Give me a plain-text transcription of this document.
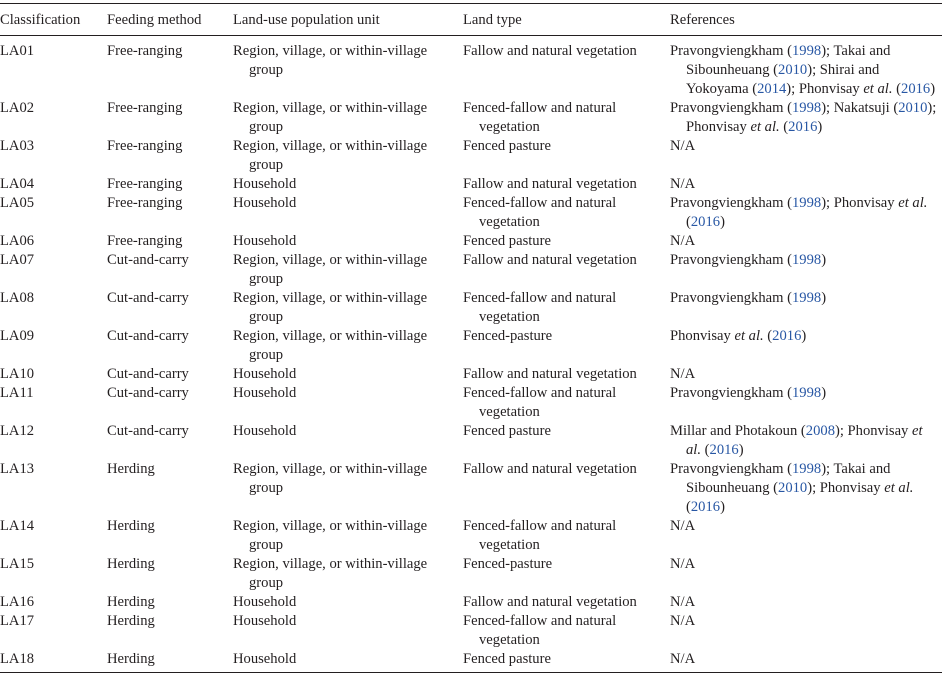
Classification	Feeding method	Land-use population unit	Land type	References
LA01	Free-ranging	Region, village, or within-village group	Fallow and natural vegetation	Pravongviengkham (1998); Takai and Sibounheuang (2010); Shirai and Yokoyama (2014); Phonvisay et al. (2016)
LA02	Free-ranging	Region, village, or within-village group	Fenced-fallow and natural vegetation	Pravongviengkham (1998); Nakatsuji (2010); Phonvisay et al. (2016)
LA03	Free-ranging	Region, village, or within-village group	Fenced pasture	N/A
LA04	Free-ranging	Household	Fallow and natural vegetation	N/A
LA05	Free-ranging	Household	Fenced-fallow and natural vegetation	Pravongviengkham (1998); Phonvisay et al. (2016)
LA06	Free-ranging	Household	Fenced pasture	N/A
LA07	Cut-and-carry	Region, village, or within-village group	Fallow and natural vegetation	Pravongviengkham (1998)
LA08	Cut-and-carry	Region, village, or within-village group	Fenced-fallow and natural vegetation	Pravongviengkham (1998)
LA09	Cut-and-carry	Region, village, or within-village group	Fenced-pasture	Phonvisay et al. (2016)
LA10	Cut-and-carry	Household	Fallow and natural vegetation	N/A
LA11	Cut-and-carry	Household	Fenced-fallow and natural vegetation	Pravongviengkham (1998)
LA12	Cut-and-carry	Household	Fenced pasture	Millar and Photakoun (2008); Phonvisay et al. (2016)
LA13	Herding	Region, village, or within-village group	Fallow and natural vegetation	Pravongviengkham (1998); Takai and Sibounheuang (2010); Phonvisay et al. (2016)
LA14	Herding	Region, village, or within-village group	Fenced-fallow and natural vegetation	N/A
LA15	Herding	Region, village, or within-village group	Fenced-pasture	N/A
LA16	Herding	Household	Fallow and natural vegetation	N/A
LA17	Herding	Household	Fenced-fallow and natural vegetation	N/A
LA18	Herding	Household	Fenced pasture	N/A
